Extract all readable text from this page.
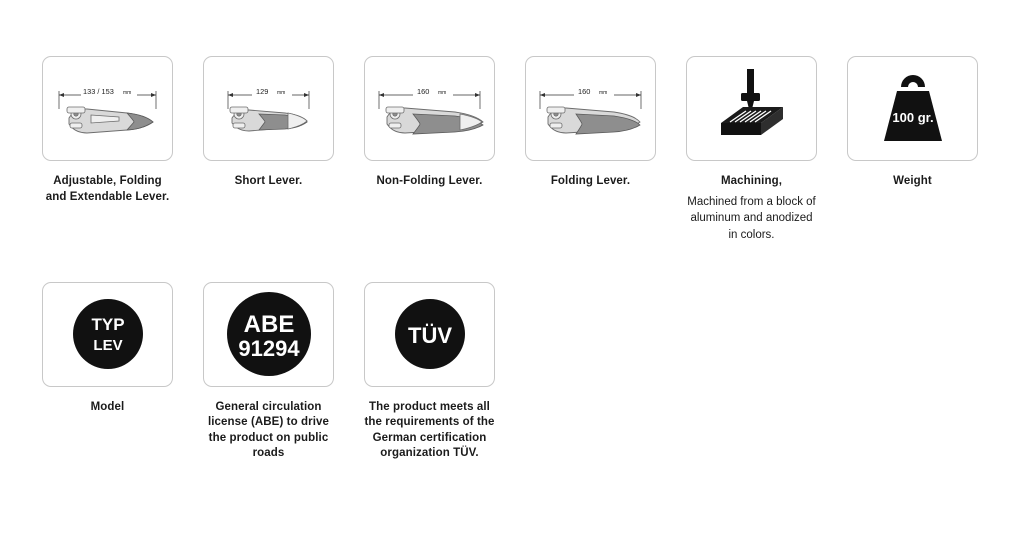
133 / 153 mm
Adjustable, Folding and Extendable Lever.
129 mm
Short Lever.
160 mm
Non-Folding Lever.
160 mm
Folding Lever.	Machining,
Machined from a block of aluminum and anodized in colors.
100 gr.
Weight
TYP
LEV
Model
ABE
91294
General circulation license (ABE) to drive the product on public roads
TÜV
The product meets all the requirements of the German certification organization TÜV.
